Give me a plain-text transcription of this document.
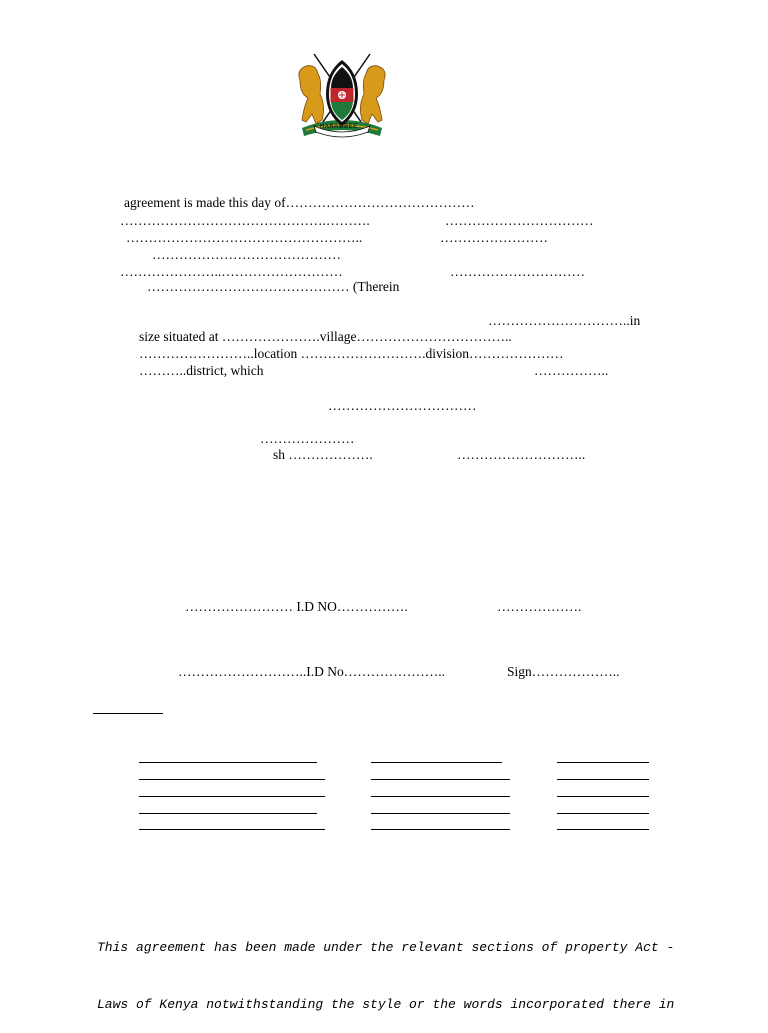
HARAMBEE
agreement is made this day of……………………………………
……………………………………….……….	……………………………
……………………………………………..	……………………
……………………………………
…………………..………………………	…………………………
……………………………………… (Therein
…………………………..in
size situated at ………………….village……………………………..
……………………..location ……………………….division…………………
………..district, which	……………..
……………………………
…………………
sh ……………….	………………………..
…………………… I.D NO…………….	……………….
………………………..I.D No…………………..	Sign………………..

This agreement has been made under the relevant sections of property Act -

Laws of Kenya notwithstanding the style or the words incorporated there in
